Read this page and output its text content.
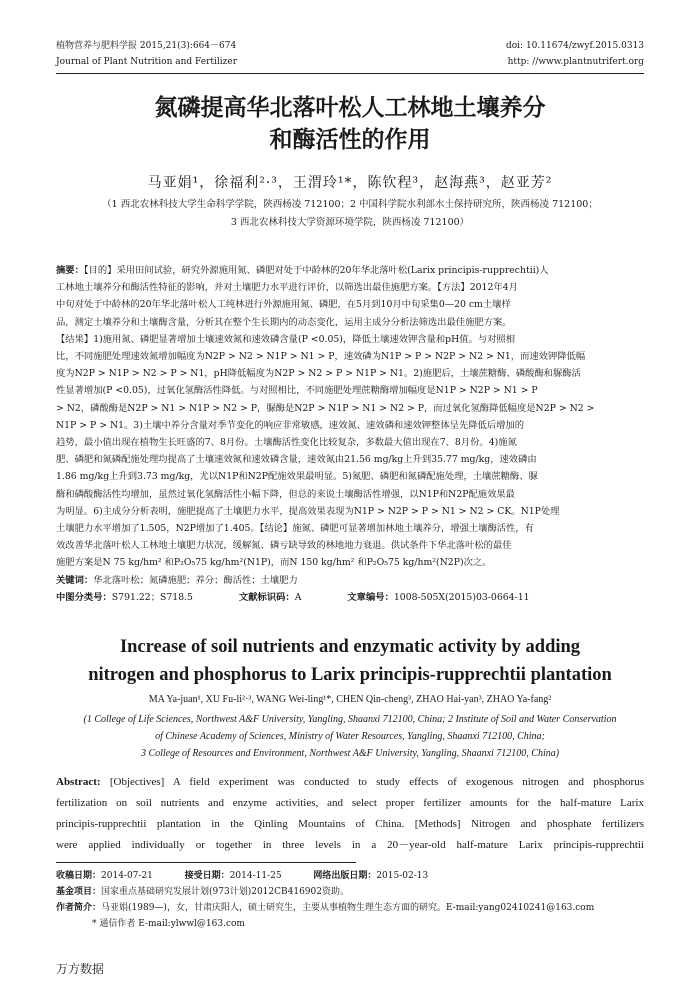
植物营养与肥料学报 2015,21(3):664－674	doi: 10.11674/zwyf.2015.0313
Journal of Plant Nutrition and Fertilizer	http: //www.plantnutrifert.org
氮磷提高华北落叶松人工林地土壤养分
和酶活性的作用
马亚娟¹，徐福利²·³，王渭玲¹*，陈钦程³，赵海燕³，赵亚芳²
（1 西北农林科技大学生命科学学院，陕西杨凌 712100；2 中国科学院水利部水土保持研究所，陕西杨凌 712100；
3 西北农林科技大学资源环境学院，陕西杨凌 712100）
摘要：【目的】采用田间试验，研究外源施用氮、磷肥对处于中龄林的20年华北落叶松(Larix principis-rupprechtii)人
工林地土壤养分和酶活性特征的影响，并对土壤肥力水平进行评价，以筛选出最佳施肥方案。【方法】2012年4月
中旬对处于中龄林的20年华北落叶松人工纯林进行外源施用氮、磷肥，在5月到10月中旬采集0—20 cm土壤样
品，测定土壤养分和土壤酶含量，分析其在整个生长期内的动态变化，运用主成分分析法筛选出最佳施肥方案。
【结果】1)施用氮、磷肥显著增加土壤速效氮和速效磷含量(P <0.05)，降低土壤速效钾含量和pH值。与对照相
比，不同施肥处理速效氮增加幅度为N2P > N2 > N1P > N1 > P，速效磷为N1P > P > N2P > N2 > N1，而速效钾降低幅
度为N2P > N1P > N2 > P > N1，pH降低幅度为N2P > N2 > P > N1P > N1。2)施肥后，土壤蔗糖酶、磷酸酶和脲酶活
性显著增加(P <0.05)，过氧化氢酶活性降低。与对照相比，不同施肥处理蔗糖酶增加幅度是N1P > N2P > N1 > P
> N2，磷酸酶是N2P > N1 > N1P > N2 > P，脲酶是N2P > N1P > N1 > N2 > P，而过氧化氢酶降低幅度是N2P > N2 >
N1P > P > N1。3)土壤中养分含量对季节变化的响应非常敏感，速效氮、速效磷和速效钾整体呈先降低后增加的
趋势，最小值出现在植物生长旺盛的7、8月份。土壤酶活性变化比较复杂，多数最大值出现在7、8月份。4)施氮
肥、磷肥和氮磷配施处理均提高了土壤速效氮和速效磷含量，速效氮由21.56 mg/kg上升到35.77 mg/kg，速效磷由
1.86 mg/kg上升到3.73 mg/kg，尤以N1P和N2P配施效果最明显。5)氮肥、磷肥和氮磷配施处理，土壤蔗糖酶、脲
酶和磷酸酶活性均增加，虽然过氧化氢酶活性小幅下降，但总的来说土壤酶活性增强，以N1P和N2P配施效果最
为明显。6)主成分分析表明，施肥提高了土壤肥力水平，提高效果表现为N1P > N2P > P > N1 > N2 > CK。N1P处理
土壤肥力水平增加了1.505，N2P增加了1.405。【结论】施氮、磷肥可显著增加林地土壤养分，增强土壤酶活性，有
效改善华北落叶松人工林地土壤肥力状况，缓解氮、磷亏缺导致的林地地力衰退。供试条件下华北落叶松的最佳
施肥方案是N 75 kg/hm² 和P₂O₅75 kg/hm²(N1P)，而N 150 kg/hm² 和P₂O₅75 kg/hm²(N2P)次之。
关键词：华北落叶松；氮磷施肥；养分；酶活性；土壤肥力
中图分类号：S791.22；S718.5	文献标识码：A	文章编号：1008-505X(2015)03-0664-11
Increase of soil nutrients and enzymatic activity by adding
nitrogen and phosphorus to Larix principis-rupprechtii plantation
MA Ya-juan¹, XU Fu-li²·³, WANG Wei-ling¹*, CHEN Qin-cheng³, ZHAO Hai-yan³, ZHAO Ya-fang²
(1 College of Life Sciences, Northwest A&F University, Yangling, Shaanxi 712100, China; 2 Institute of Soil and Water Conservation
of Chinese Academy of Sciences, Ministry of Water Resources, Yangling, Shaanxi 712100, China;
3 College of Resources and Environment, Northwest A&F University, Yangling, Shaanxi 712100, China)
Abstract: [Objectives] A field experiment was conducted to study effects of exogenous nitrogen and phosphorus
fertilization on soil nutrients and enzyme activities, and select proper fertilizer amounts for the half-mature Larix
principis-rupprechtii plantation in the Qinling Mountains of China. [Methods] Nitrogen and phosphate fertilizers
were applied individually or together in three levels in a 20－year-old half-mature Larix principis-rupprechtii
收稿日期：2014-07-21	接受日期：2014-11-25	网络出版日期：2015-02-13
基金项目：国家重点基础研究发展计划(973计划)2012CB416902资助。
作者简介：马亚娟(1989—)，女，甘肃庆阳人，硕士研究生，主要从事植物生理生态方面的研究。E-mail:yang02410241@163.com
* 通信作者 E-mail:ylwwl@163.com
万方数据
